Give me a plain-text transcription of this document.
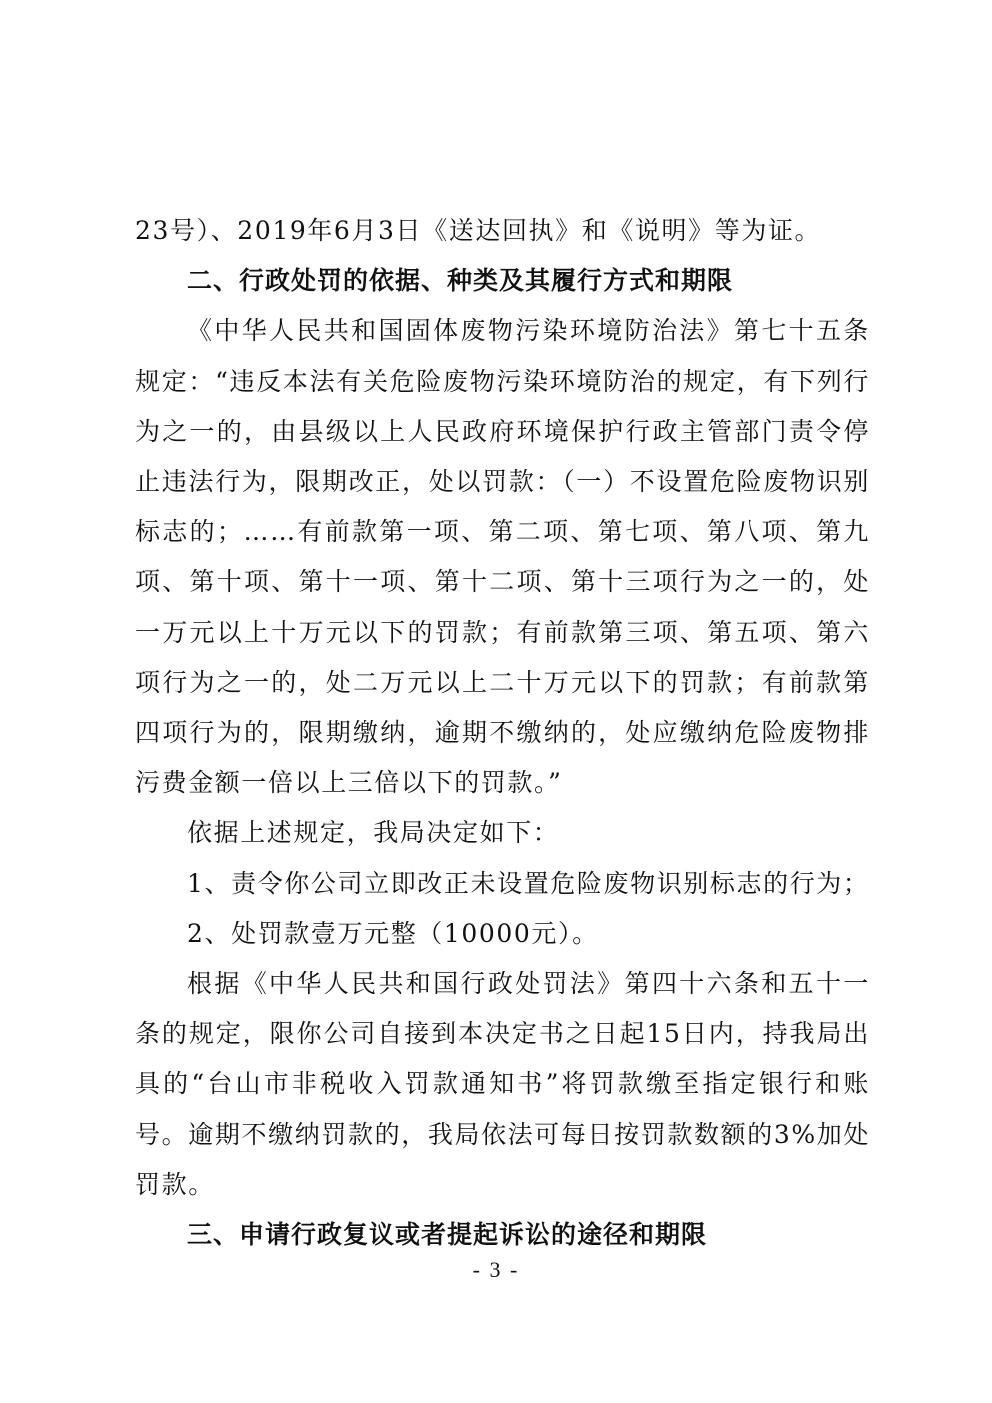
23号）、2019年6月3日《送达回执》和《说明》等为证。

二、行政处罚的依据、种类及其履行方式和期限

《中华人民共和国固体废物污染环境防治法》第七十五条规定：“违反本法有关危险废物污染环境防治的规定，有下列行为之一的，由县级以上人民政府环境保护行政主管部门责令停止违法行为，限期改正，处以罚款：（一）不设置危险废物识别标志的；……有前款第一项、第二项、第七项、第八项、第九项、第十项、第十一项、第十二项、第十三项行为之一的，处一万元以上十万元以下的罚款；有前款第三项、第五项、第六项行为之一的，处二万元以上二十万元以下的罚款；有前款第四项行为的，限期缴纳，逾期不缴纳的，处应缴纳危险废物排污费金额一倍以上三倍以下的罚款。”

依据上述规定，我局决定如下：

1、责令你公司立即改正未设置危险废物识别标志的行为；

2、处罚款壹万元整（10000元）。

根据《中华人民共和国行政处罚法》第四十六条和五十一条的规定，限你公司自接到本决定书之日起15日内，持我局出具的“台山市非税收入罚款通知书”将罚款缴至指定银行和账号。逾期不缴纳罚款的，我局依法可每日按罚款数额的3%加处罚款。

三、申请行政复议或者提起诉讼的途径和期限

- 3 -
